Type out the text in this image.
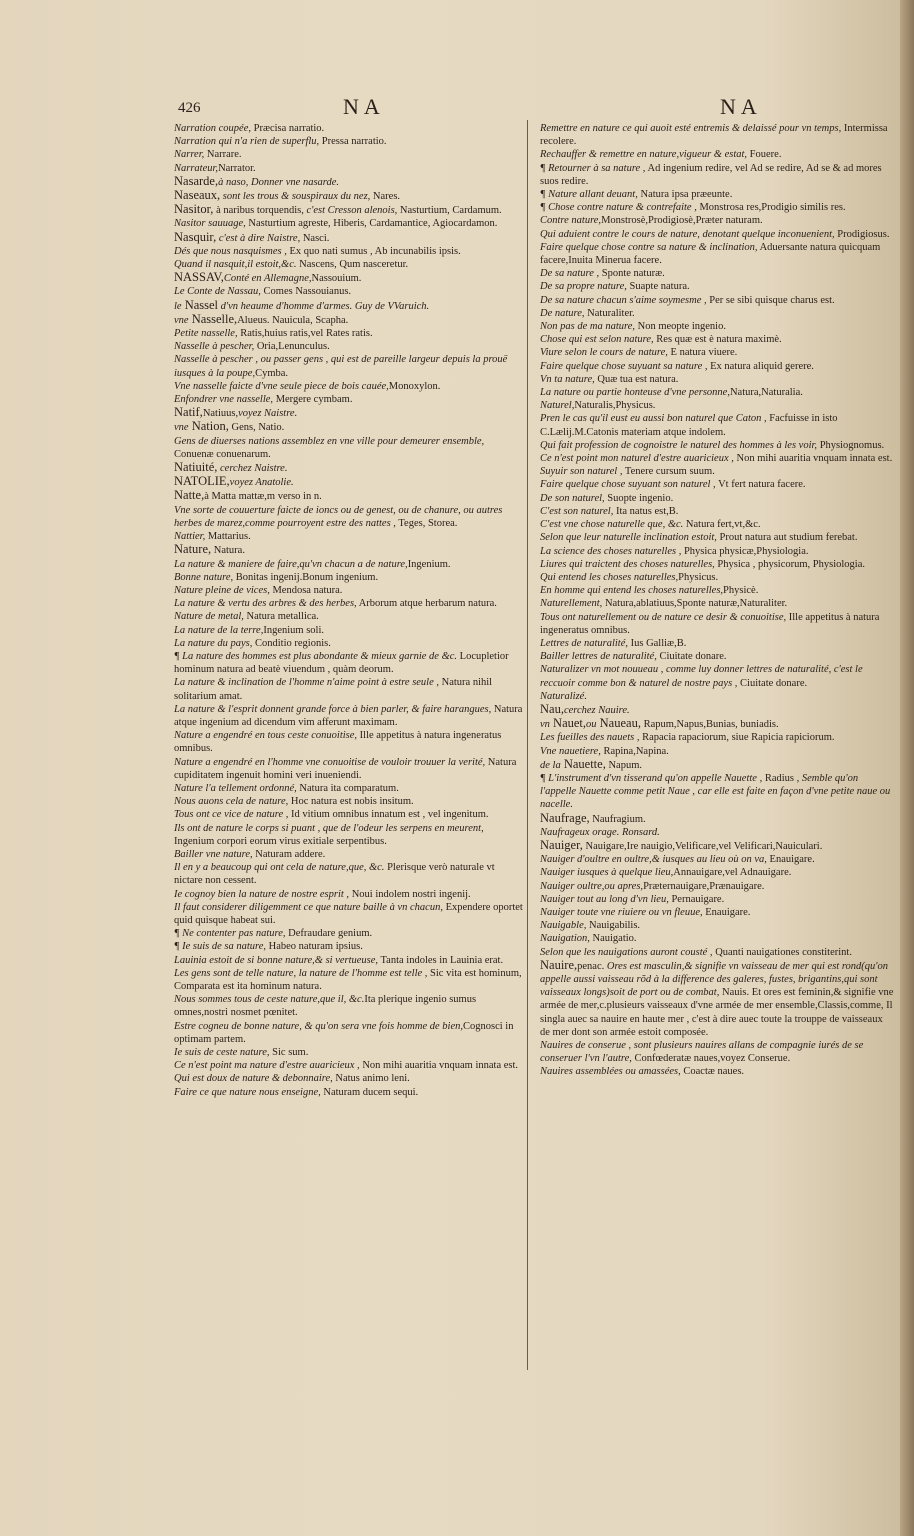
426	NA	NA

Narration coupée, Præcisa narratio.

Narration qui n'a rien de superflu, Pressa narratio.

Narrer, Narrare.

Narrateur,Narrator.

Nasarde,à naso, Donner vne nasarde.

Naseaux, sont les trous & souspiraux du nez, Nares.

Nasitor, à naribus torquendis, c'est Cresson alenois, Nasturtium, Cardamum.

Nasitor sauuage, Nasturtium agreste, Hiberis, Cardamantice, Agiocardamon.

Nasquir, c'est à dire Naistre, Nasci.

Dés que nous nasquismes , Ex quo nati sumus , Ab incunabilis ipsis.

Quand il nasquit,il estoit,&c. Nascens, Qum nasceretur.

NASSAV,Conté en Allemagne,Nassouium.

Le Conte de Nassau, Comes Nassouianus.

le Nassel d'vn heaume d'homme d'armes. Guy de VVaruich.

vne Nasselle,Alueus. Nauicula, Scapha.

Petite nasselle, Ratis,huius ratis,vel Rates ratis.

Nasselle à pescher, Oria,Lenunculus.

Nasselle à pescher , ou passer gens , qui est de pareille largeur depuis la prouë iusques à la poupe,Cymba.

Vne nasselle faicte d'vne seule piece de bois cauée,Monoxylon.

Enfondrer vne nasselle, Mergere cymbam.

Natif,Natiuus,voyez Naistre.

vne Nation, Gens, Natio.

Gens de diuerses nations assemblez en vne ville pour demeurer ensemble, Conuenæ conuenarum.

Natiuité, cerchez Naistre.

NATOLIE,voyez Anatolie.

Natte,à Matta mattæ,m verso in n.

Vne sorte de couuerture faicte de ioncs ou de genest, ou de chanure, ou autres herbes de marez,comme pourroyent estre des nattes , Teges, Storea.

Nattier, Mattarius.

Nature, Natura.

La nature & maniere de faire,qu'vn chacun a de nature,Ingenium.

Bonne nature, Bonitas ingenij.Bonum ingenium.

Nature pleine de vices, Mendosa natura.

La nature & vertu des arbres & des herbes, Arborum atque herbarum natura.

Nature de metal, Natura metallica.

La nature de la terre,Ingenium soli.

La nature du pays, Conditio regionis.

¶ La nature des hommes est plus abondante & mieux garnie de &c. Locupletior hominum natura ad beatè viuendum , quàm deorum.

La nature & inclination de l'homme n'aime point à estre seule , Natura nihil solitarium amat.

La nature & l'esprit donnent grande force à bien parler, & faire harangues, Natura atque ingenium ad dicendum vim afferunt maximam.

Nature a engendré en tous ceste conuoitise, Ille appetitus à natura ingeneratus omnibus.

Nature a engendré en l'homme vne conuoitise de vouloir trouuer la verité, Natura cupiditatem ingenuit homini veri inueniendi.

Nature l'a tellement ordonné, Natura ita comparatum.

Nous auons cela de nature, Hoc natura est nobis insitum.

Tous ont ce vice de nature , Id vitium omnibus innatum est , vel ingenitum.

Ils ont de nature le corps si puant , que de l'odeur les serpens en meurent, Ingenium corpori eorum virus exitiale serpentibus.

Bailler vne nature, Naturam addere.

Il en y a beaucoup qui ont cela de nature,que, &c. Plerisque verò naturale vt nictare non cessent.

Ie cognoy bien la nature de nostre esprit , Noui indolem nostri ingenij.

Il faut considerer diligemment ce que nature baille à vn chacun, Expendere oportet quid quisque habeat sui.

¶ Ne contenter pas nature, Defraudare genium.

¶ Ie suis de sa nature, Habeo naturam ipsius.

Lauinia estoit de si bonne nature,& si vertueuse, Tanta indoles in Lauinia erat.

Les gens sont de telle nature, la nature de l'homme est telle , Sic vita est hominum, Comparata est ita hominum natura.

Nous sommes tous de ceste nature,que il, &c.Ita plerique ingenio sumus omnes,nostri nosmet pœnitet.

Estre cogneu de bonne nature, & qu'on sera vne fois homme de bien,Cognosci in optimam partem.

Ie suis de ceste nature, Sic sum.

Ce n'est point ma nature d'estre auaricieux , Non mihi auaritia vnquam innata est.

Qui est doux de nature & debonnaire, Natus animo leni.

Faire ce que nature nous enseigne, Naturam ducem sequi.

Remettre en nature ce qui auoit esté entremis & delaissé pour vn temps, Intermissa recolere.

Rechauffer & remettre en nature,vigueur & estat, Fouere.

¶ Retourner à sa nature , Ad ingenium redire, vel Ad se redire, Ad se & ad mores suos redire.

¶ Nature allant deuant, Natura ipsa præeunte.

¶ Chose contre nature & contrefaite , Monstrosa res,Prodigio similis res.

Contre nature,Monstrosè,Prodigiosè,Præter naturam.

Qui aduient contre le cours de nature, denotant quelque inconuenient, Prodigiosus.

Faire quelque chose contre sa nature & inclination, Aduersante natura quicquam facere,Inuita Minerua facere.

De sa nature , Sponte naturæ.

De sa propre nature, Suapte natura.

De sa nature chacun s'aime soymesme , Per se sibi quisque charus est.

De nature, Naturaliter.

Non pas de ma nature, Non meopte ingenio.

Chose qui est selon nature, Res quæ est è natura maximè.

Viure selon le cours de nature, E natura viuere.

Faire quelque chose suyuant sa nature , Ex natura aliquid gerere.

Vn ta nature, Quæ tua est natura.

La nature ou partie honteuse d'vne personne,Natura,Naturalia.

Naturel,Naturalis,Physicus.

Pren le cas qu'il eust eu aussi bon naturel que Caton , Facfuisse in isto C.Lælij.M.Catonis materiam atque indolem.

Qui fait profession de cognoistre le naturel des hommes à les voir, Physiognomus.

Ce n'est point mon naturel d'estre auaricieux , Non mihi auaritia vnquam innata est.

Suyuir son naturel , Tenere cursum suum.

Faire quelque chose suyuant son naturel , Vt fert natura facere.

De son naturel, Suopte ingenio.

C'est son naturel, Ita natus est,B.

C'est vne chose naturelle que, &c. Natura fert,vt,&c.

Selon que leur naturelle inclination estoit, Prout natura aut studium ferebat.

La science des choses naturelles , Physica physicæ,Physiologia.

Liures qui traictent des choses naturelles, Physica , physicorum, Physiologia.

Qui entend les choses naturelles,Physicus.

En homme qui entend les choses naturelles,Physicè.

Naturellement, Natura,ablatiuus,Sponte naturæ,Naturaliter.

Tous ont naturellement ou de nature ce desir & conuoitise, Ille appetitus à natura ingeneratus omnibus.

Lettres de naturalité, Ius Galliæ,B.

Bailler lettres de naturalité, Ciuitate donare.

Naturalizer vn mot nouueau , comme luy donner lettres de naturalité, c'est le reccuoir comme bon & naturel de nostre pays , Ciuitate donare.

Naturalizé.

Nau,cerchez Nauire.

vn Nauet,ou Naueau, Rapum,Napus,Bunias, buniadis.

Les fueilles des nauets , Rapacia rapaciorum, siue Rapicia rapiciorum.

Vne nauetiere, Rapina,Napina.

de la Nauette, Napum.

¶ L'instrument d'vn tisserand qu'on appelle Nauette , Radius , Semble qu'on l'appelle Nauette comme petit Naue , car elle est faite en façon d'vne petite naue ou nacelle.

Naufrage, Naufragium.

Naufrageux orage. Ronsard.

Nauiger, Nauigare,Ire nauigio,Velificare,vel Velificari,Nauiculari.

Nauiger d'oultre en oultre,& iusques au lieu où on va, Enauigare.

Nauiger iusques à quelque lieu,Annauigare,vel Adnauigare.

Nauiger oultre,ou apres,Præternauigare,Prænauigare.

Nauiger tout au long d'vn lieu, Pernauigare.

Nauiger toute vne riuiere ou vn fleuue, Enauigare.

Nauigable, Nauigabilis.

Nauigation, Nauigatio.

Selon que les nauigations auront cousté , Quanti nauigationes constiterint.

Nauire,penac. Ores est masculin,& signifie vn vaisseau de mer qui est rond(qu'on appelle aussi vaisseau rõd à la difference des galeres, fustes, brigantins,qui sont vaisseaux longs)soit de port ou de combat, Nauis. Et ores est feminin,& signifie vne armée de mer,c.plusieurs vaisseaux d'vne armée de mer ensemble,Classis,comme, Il singla auec sa nauire en haute mer , c'est à dire auec toute la trouppe de vaisseaux de mer dont son armée estoit composée.

Nauires de conserue , sont plusieurs nauires allans de compagnie iurés de se conseruer l'vn l'autre, Confœderatæ naues,voyez Conserue.

Nauires assemblées ou amassées, Coactæ naues.
